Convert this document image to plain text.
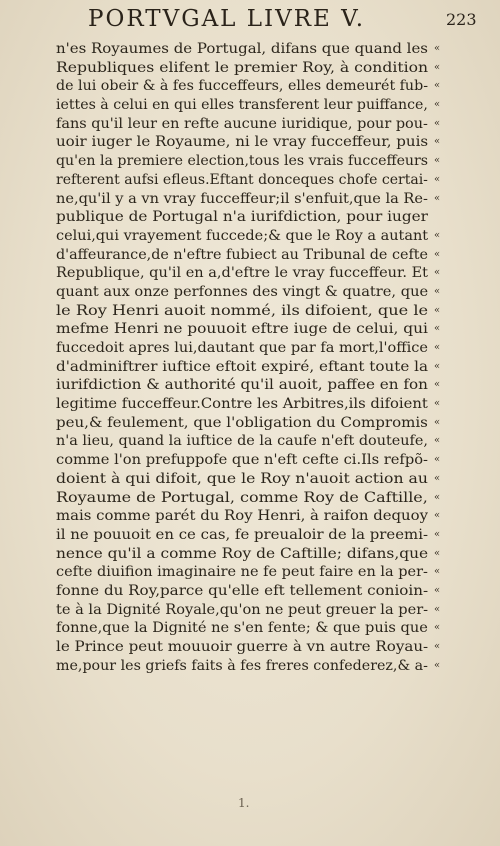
PORTVGAL LIVRE V.	223
n'es Royaumes de Portugal, difans que quand les «
Republiques elifent le premier Roy, à condition «
de lui obeir & à fes fucceffeurs, elles demeurét fub- «
iettes à celui en qui elles transferent leur puiffance, «
fans qu'il leur en refte aucune iuridique, pour pou- «
uoir iuger le Royaume, ni le vray fucceffeur, puis «
qu'en la premiere election,tous les vrais fucceffeurs «
refterent aufsi efleus.Eftant donceques chofe certai- «
ne,qu'il y a vn vray fucceffeur;il s'enfuit,que la Re- «
publique de Portugal n'a iurifdiction, pour iuger
celui,qui vrayement fuccede;& que le Roy a autant «
d'affeurance,de n'eftre fubiect au Tribunal de cefte «
Republique, qu'il en a,d'eftre le vray fucceffeur. Et «
quant aux onze perfonnes des vingt & quatre, que «
le Roy Henri auoit nommé, ils difoient, que le «
mefme Henri ne pouuoit eftre iuge de celui, qui «
fuccedoit apres lui,dautant que par fa mort,l'office «
d'adminiftrer iuftice eftoit expiré, eftant toute la «
iurifdiction & authorité qu'il auoit, paffee en fon «
legitime fucceffeur.Contre les Arbitres,ils difoient «
peu,& feulement, que l'obligation du Compromis «
n'a lieu, quand la iuftice de la caufe n'eft douteufe, «
comme l'on prefuppofe que n'eft cefte ci.Ils refpõ- «
doient à qui difoit, que le Roy n'auoit action au «
Royaume de Portugal, comme Roy de Caftille, «
mais comme parét du Roy Henri, à raifon dequoy «
il ne pouuoit en ce cas, fe preualoir de la preemi- «
nence qu'il a comme Roy de Caftille; difans,que «
cefte diuifion imaginaire ne fe peut faire en la per- «
fonne du Roy,parce qu'elle eft tellement conioin- «
te à la Dignité Royale,qu'on ne peut greuer la per- «
fonne,que la Dignité ne s'en fente; & que puis que «
le Prince peut mouuoir guerre à vn autre Royau- «
me,pour les griefs faits à fes freres confederez,& a- «
1.
